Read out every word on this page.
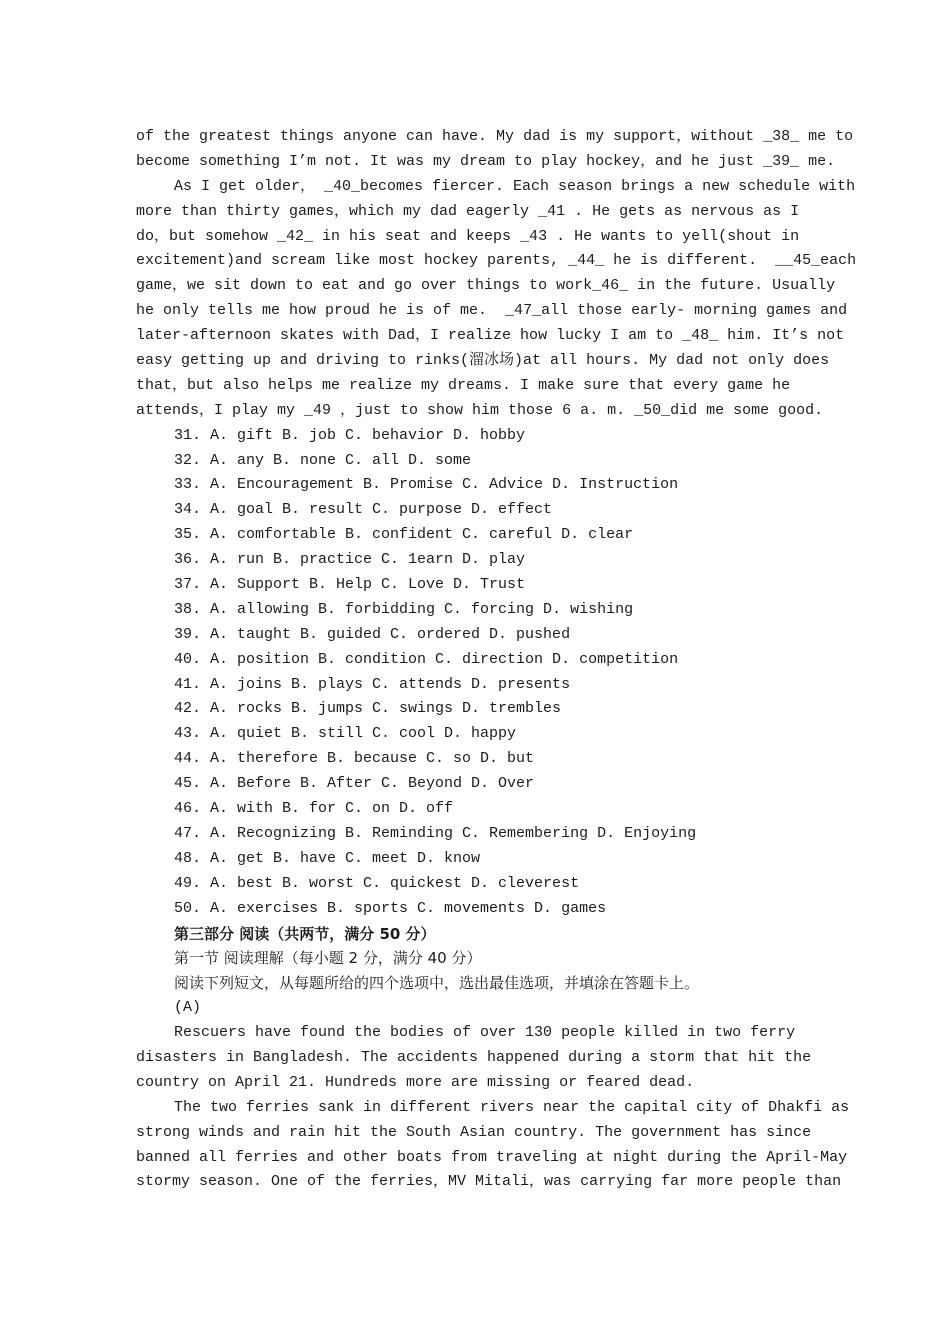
of the greatest things anyone can have. My dad is my support，without _38_ me to
become something I’m not. It was my dream to play hockey，and he just _39_ me.
As I get older， _40_becomes fiercer. Each season brings a new schedule with
more than thirty games，which my dad eagerly _41 . He gets as nervous as I
do，but somehow _42_ in his seat and keeps _43 . He wants to yell(shout in
excitement)and scream like most hockey parents, _44_ he is different.  __45_each
game，we sit down to eat and go over things to work_46_ in the future. Usually
he only tells me how proud he is of me.  _47_all those early- morning games and
later-afternoon skates with Dad，I realize how lucky I am to _48_ him. It’s not
easy getting up and driving to rinks(溜冰场)at all hours. My dad not only does
that，but also helps me realize my dreams. I make sure that every game he
attends，I play my _49 ，just to show him those 6 a. m. _50_did me some good.
31. A. gift B. job C. behavior D. hobby
32. A. any B. none C. all D. some
33. A. Encouragement B. Promise C. Advice D. Instruction
34. A. goal B. result C. purpose D. effect
35. A. comfortable B. confident C. careful D. clear
36. A. run B. practice C. 1earn D. play
37. A. Support B. Help C. Love D. Trust
38. A. allowing B. forbidding C. forcing D. wishing
39. A. taught B. guided C. ordered D. pushed
40. A. position B. condition C. direction D. competition
41. A. joins B. plays C. attends D. presents
42. A. rocks B. jumps C. swings D. trembles
43. A. quiet B. still C. cool D. happy
44. A. therefore B. because C. so D. but
45. A. Before B. After C. Beyond D. Over
46. A. with B. for C. on D. off
47. A. Recognizing B. Reminding C. Remembering D. Enjoying
48. A. get B. have C. meet D. know
49. A. best B. worst C. quickest D. cleverest
50. A. exercises B. sports C. movements D. games
第三部分 阅读（共两节，满分 50 分）
第一节 阅读理解（每小题 2 分，满分 40 分）
阅读下列短文，从每题所给的四个选项中，选出最佳选项，并填涂在答题卡上。
(A)
Rescuers have found the bodies of over 130 people killed in two ferry
disasters in Bangladesh. The accidents happened during a storm that hit the
country on April 21. Hundreds more are missing or feared dead.
The two ferries sank in different rivers near the capital city of Dhakfi as
strong winds and rain hit the South Asian country. The government has since
banned all ferries and other boats from traveling at night during the April-May
stormy season. One of the ferries，MV Mitali，was carrying far more people than
